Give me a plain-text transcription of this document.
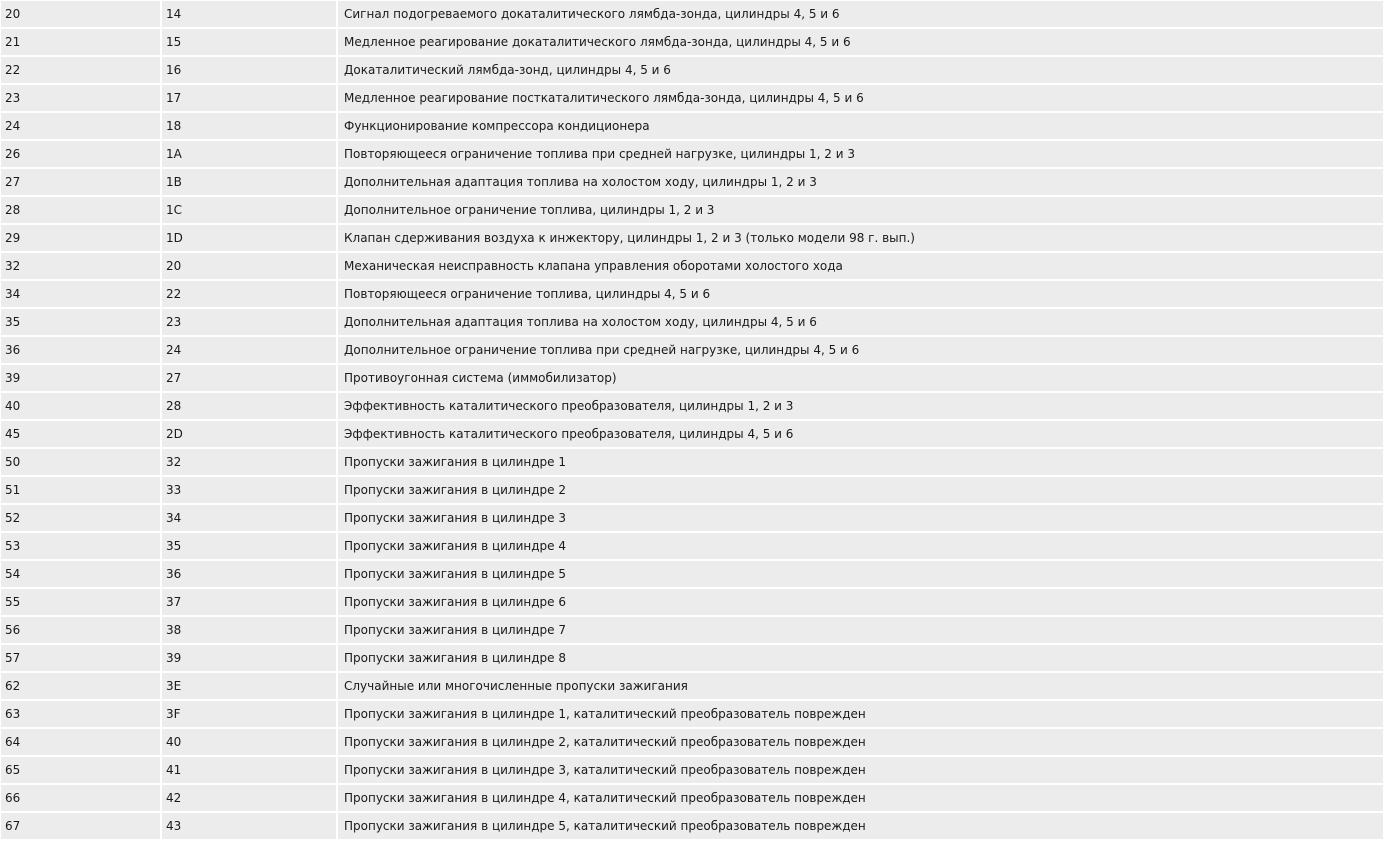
20	14	Сигнал подогреваемого докаталитического лямбда-зонда, цилиндры 4, 5 и 6
21	15	Медленное реагирование докаталитического лямбда-зонда, цилиндры 4, 5 и 6
22	16	Докаталитический лямбда-зонд, цилиндры 4, 5 и 6
23	17	Медленное реагирование посткаталитического лямбда-зонда, цилиндры 4, 5 и 6
24	18	Функционирование компрессора кондиционера
26	1A	Повторяющееся ограничение топлива при средней нагрузке, цилиндры 1, 2 и 3
27	1B	Дополнительная адаптация топлива на холостом ходу, цилиндры 1, 2 и 3
28	1C	Дополнительное ограничение топлива, цилиндры 1, 2 и 3
29	1D	Клапан сдерживания воздуха к инжектору, цилиндры 1, 2 и 3 (только модели 98 г. вып.)
32	20	Механическая неисправность клапана управления оборотами холостого хода
34	22	Повторяющееся ограничение топлива, цилиндры 4, 5 и 6
35	23	Дополнительная адаптация топлива на холостом ходу, цилиндры 4, 5 и 6
36	24	Дополнительное ограничение топлива при средней нагрузке, цилиндры 4, 5 и 6
39	27	Противоугонная система (иммобилизатор)
40	28	Эффективность каталитического преобразователя, цилиндры 1, 2 и 3
45	2D	Эффективность каталитического преобразователя, цилиндры 4, 5 и 6
50	32	Пропуски зажигания в цилиндре 1
51	33	Пропуски зажигания в цилиндре 2
52	34	Пропуски зажигания в цилиндре 3
53	35	Пропуски зажигания в цилиндре 4
54	36	Пропуски зажигания в цилиндре 5
55	37	Пропуски зажигания в цилиндре 6
56	38	Пропуски зажигания в цилиндре 7
57	39	Пропуски зажигания в цилиндре 8
62	3E	Случайные или многочисленные пропуски зажигания
63	3F	Пропуски зажигания в цилиндре 1, каталитический преобразователь поврежден
64	40	Пропуски зажигания в цилиндре 2, каталитический преобразователь поврежден
65	41	Пропуски зажигания в цилиндре 3, каталитический преобразователь поврежден
66	42	Пропуски зажигания в цилиндре 4, каталитический преобразователь поврежден
67	43	Пропуски зажигания в цилиндре 5, каталитический преобразователь поврежден
